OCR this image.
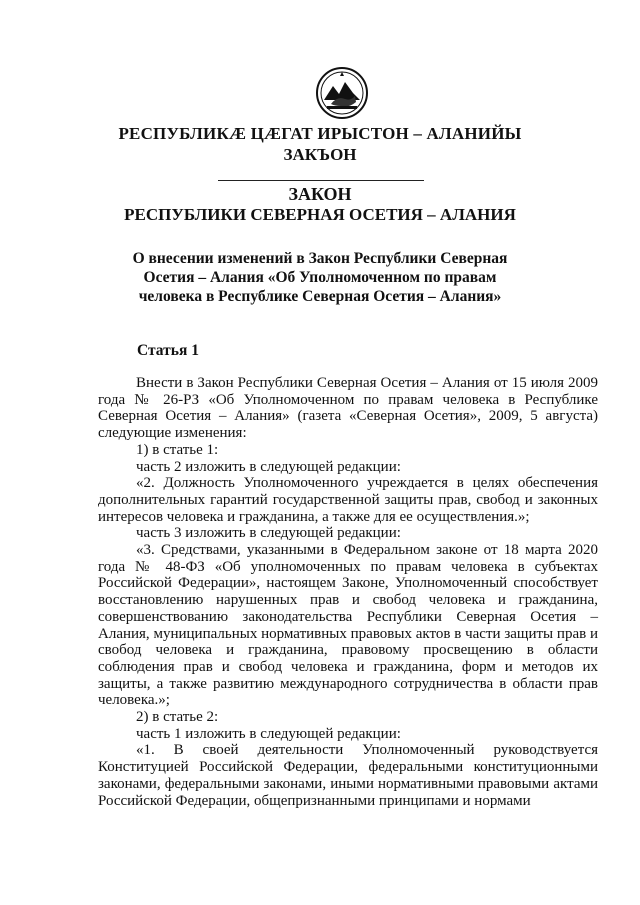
РЕСПУБЛИКÆ ЦÆГАТ ИРЫСТОН – АЛАНИЙЫ
ЗАКЪОН
ЗАКОН
РЕСПУБЛИКИ СЕВЕРНАЯ ОСЕТИЯ – АЛАНИЯ
О внесении изменений в Закон Республики Северная Осетия – Алания «Об Уполномоченном по правам человека в Республике Северная Осетия – Алания»
Статья 1

Внести в Закон Республики Северная Осетия – Алания от 15 июля 2009 года № 26-РЗ «Об Уполномоченном по правам человека в Республике Северная Осетия – Алания» (газета «Северная Осетия», 2009, 5 августа) следующие изменения:

1) в статье 1:

часть 2 изложить в следующей редакции:

«2. Должность Уполномоченного учреждается в целях обеспечения дополнительных гарантий государственной защиты прав, свобод и законных интересов человека и гражданина, а также для ее осуществления.»;

часть 3 изложить в следующей редакции:

«3. Средствами, указанными в Федеральном законе от 18 марта 2020 года № 48-ФЗ «Об уполномоченных по правам человека в субъектах Российской Федерации», настоящем Законе, Уполномоченный способствует восстановлению нарушенных прав и свобод человека и гражданина, совершенствованию законодательства Республики Северная Осетия – Алания, муниципальных нормативных правовых актов в части защиты прав и свобод человека и гражданина, правовому просвещению в области соблюдения прав и свобод человека и гражданина, форм и методов их защиты, а также развитию международного сотрудничества в области прав человека.»;

2) в статье 2:

часть 1 изложить в следующей редакции:

«1. В своей деятельности Уполномоченный руководствуется Конституцией Российской Федерации, федеральными конституционными законами, федеральными законами, иными нормативными правовыми актами Российской Федерации, общепризнанными принципами и нормами
